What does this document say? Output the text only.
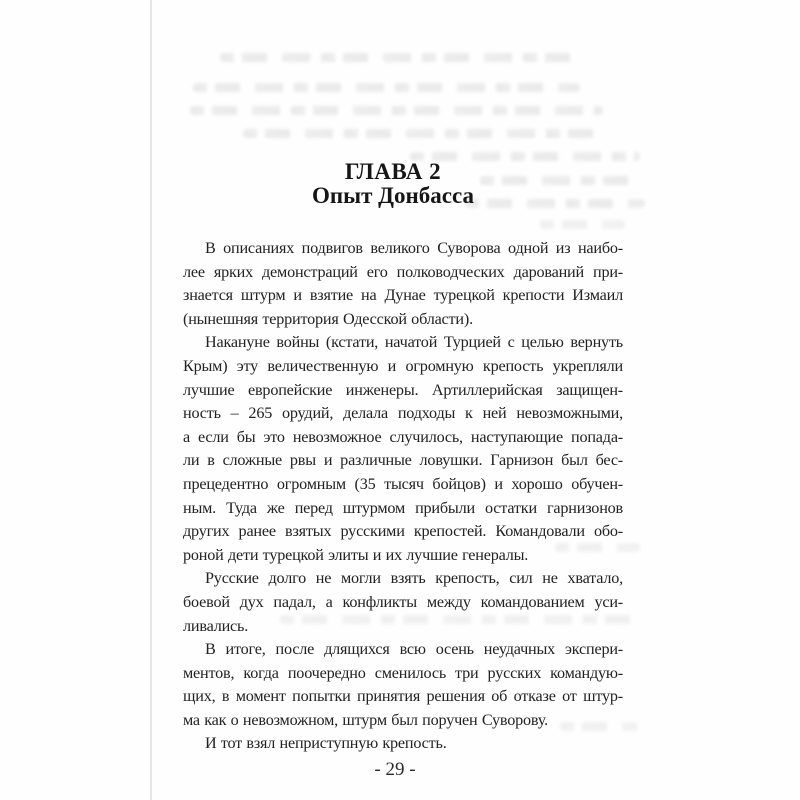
ГЛАВА 2
Опыт Донбасса
В описаниях подвигов великого Суворова одной из наибо-
лее ярких демонстраций его полководческих дарований при-
знается штурм и взятие на Дунае турецкой крепости Измаил
(нынешняя территория Одесской области).
Накануне войны (кстати, начатой Турцией с целью вернуть
Крым) эту величественную и огромную крепость укрепляли
лучшие европейские инженеры. Артиллерийская защищен-
ность – 265 орудий, делала подходы к ней невозможными,
а если бы это невозможное случилось, наступающие попада-
ли в сложные рвы и различные ловушки. Гарнизон был бес-
прецедентно огромным (35 тысяч бойцов) и хорошо обучен-
ным. Туда же перед штурмом прибыли остатки гарнизонов
других ранее взятых русскими крепостей. Командовали обо-
роной дети турецкой элиты и их лучшие генералы.
Русские долго не могли взять крепость, сил не хватало,
боевой дух падал, а конфликты между командованием уси-
ливались.
В итоге, после длящихся всю осень неудачных экспери-
ментов, когда поочередно сменилось три русских командую-
щих, в момент попытки принятия решения об отказе от штур-
ма как о невозможном, штурм был поручен Суворову.
И тот взял неприступную крепость.
- 29 -
